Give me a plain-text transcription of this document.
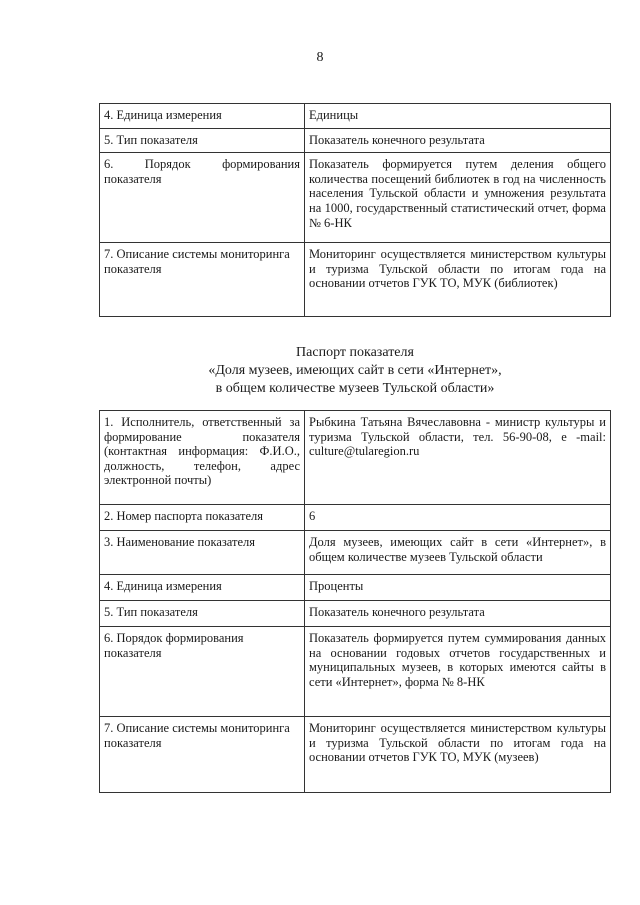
8
4. Единица измерения	Единицы
5. Тип показателя	Показатель конечного результата
6. Порядок формирования показателя	Показатель формируется путем деления общего количества посещений библиотек в год на численность населения Тульской области и умножения результата на 1000, государственный статистический отчет, форма № 6-НК
7. Описание системы мониторинга показателя	Мониторинг осуществляется министерством культуры и туризма Тульской области по итогам года на основании отчетов ГУК ТО, МУК (библиотек)
Паспорт показателя
«Доля музеев, имеющих сайт в сети «Интернет»,
в общем количестве музеев Тульской области»
1. Исполнитель, ответственный за формирование показателя (контактная информация: Ф.И.О., должность, телефон, адрес электронной почты)	Рыбкина Татьяна Вячеславовна - министр культуры и туризма Тульской области, тел. 56-90-08, e -mail: culture@tularegion.ru
2. Номер паспорта показателя	6
3. Наименование показателя	Доля музеев, имеющих сайт в сети «Интернет», в общем количестве музеев Тульской области
4. Единица измерения	Проценты
5. Тип показателя	Показатель конечного результата
6. Порядок формирования показателя	Показатель формируется путем суммирования данных на основании годовых отчетов государственных и муниципальных музеев, в которых имеются сайты в сети «Интернет», форма № 8-НК
7. Описание системы мониторинга показателя	Мониторинг осуществляется министерством культуры и туризма Тульской области по итогам года на основании отчетов ГУК ТО, МУК (музеев)
